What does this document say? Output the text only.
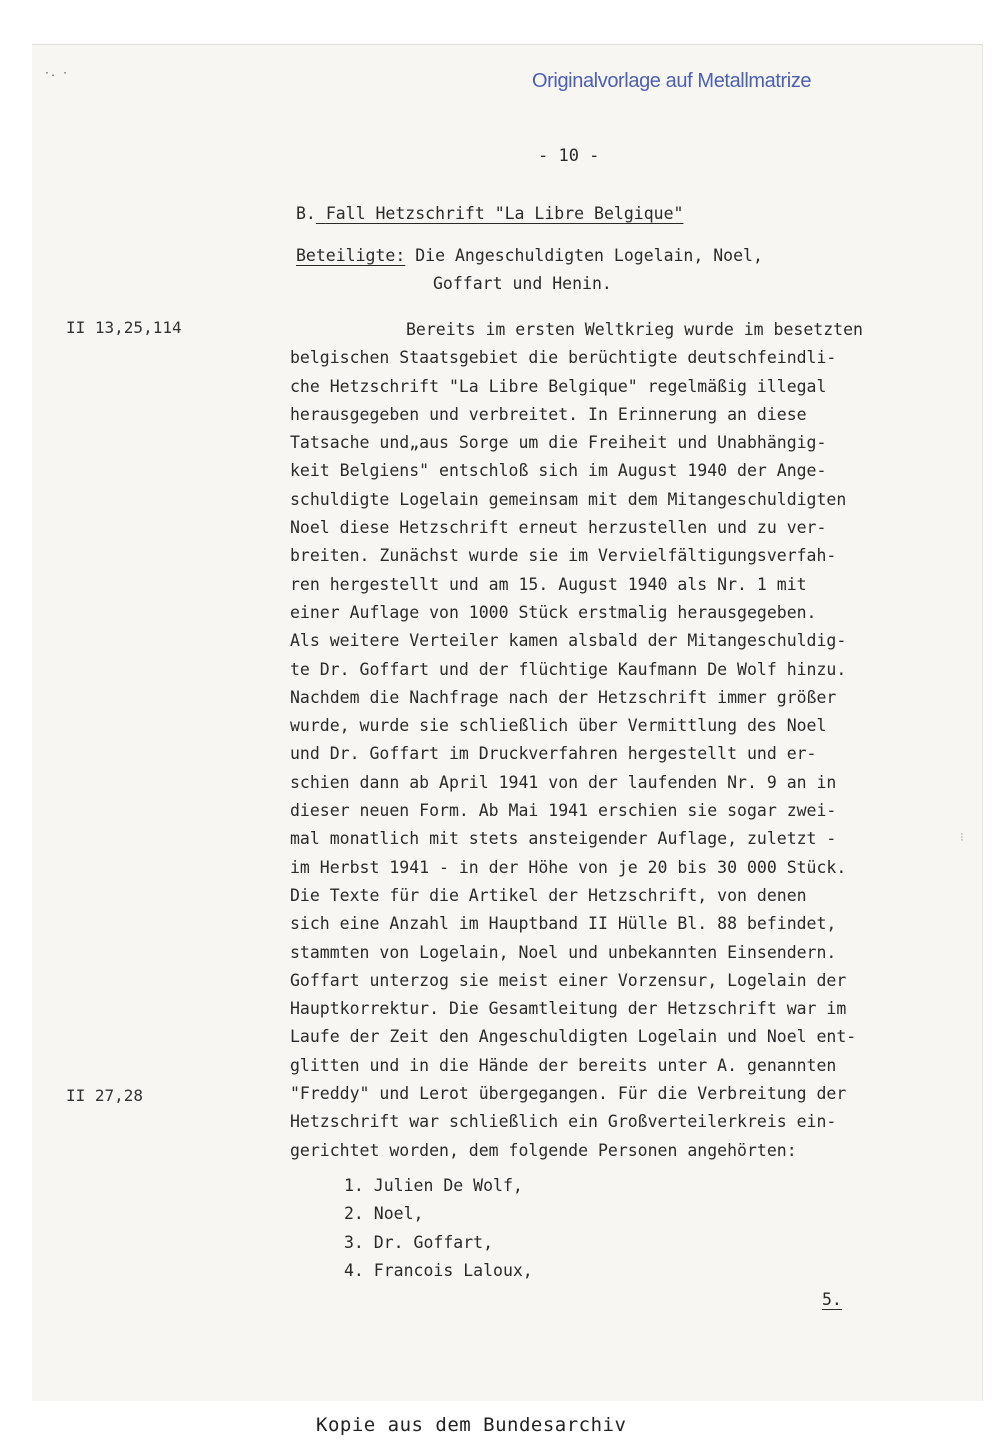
·. ·	Originalvorlage auf Metallmatrize
- 10 -
B. Fall Hetzschrift "La Libre Belgique"
Beteiligte: Die Angeschuldigten Logelain, Noel,
Goffart und Henin.
II 13,25,114
II 27,28
Bereits im ersten Weltkrieg wurde im besetzten
belgischen Staatsgebiet die berüchtigte deutschfeindli-
che Hetzschrift "La Libre Belgique" regelmäßig illegal
herausgegeben und verbreitet. In Erinnerung an diese
Tatsache und„aus Sorge um die Freiheit und Unabhängig-
keit Belgiens" entschloß sich im August 1940 der Ange-
schuldigte Logelain gemeinsam mit dem Mitangeschuldigten
Noel diese Hetzschrift erneut herzustellen und zu ver-
breiten. Zunächst wurde sie im Vervielfältigungsverfah-
ren hergestellt und am 15. August 1940 als Nr. 1 mit
einer Auflage von 1000 Stück erstmalig herausgegeben.
Als weitere Verteiler kamen alsbald der Mitangeschuldig-
te Dr. Goffart und der flüchtige Kaufmann De Wolf hinzu.
Nachdem die Nachfrage nach der Hetzschrift immer größer
wurde, wurde sie schließlich über Vermittlung des Noel
und Dr. Goffart im Druckverfahren hergestellt und er-
schien dann ab April 1941 von der laufenden Nr. 9 an in
dieser neuen Form. Ab Mai 1941 erschien sie sogar zwei-
mal monatlich mit stets ansteigender Auflage, zuletzt -
im Herbst 1941 - in der Höhe von je 20 bis 30 000 Stück.
Die Texte für die Artikel der Hetzschrift, von denen
sich eine Anzahl im Hauptband II Hülle Bl. 88 befindet,
stammten von Logelain, Noel und unbekannten Einsendern.
Goffart unterzog sie meist einer Vorzensur, Logelain der
Hauptkorrektur. Die Gesamtleitung der Hetzschrift war im
Laufe der Zeit den Angeschuldigten Logelain und Noel ent-
glitten und in die Hände der bereits unter A. genannten
"Freddy" und Lerot übergegangen. Für die Verbreitung der
Hetzschrift war schließlich ein Großverteilerkreis ein-
gerichtet worden, dem folgende Personen angehörten:
1. Julien De Wolf,
2. Noel,
3. Dr. Goffart,
4. Francois Laloux,
5.
⁝
Kopie aus dem Bundesarchiv
